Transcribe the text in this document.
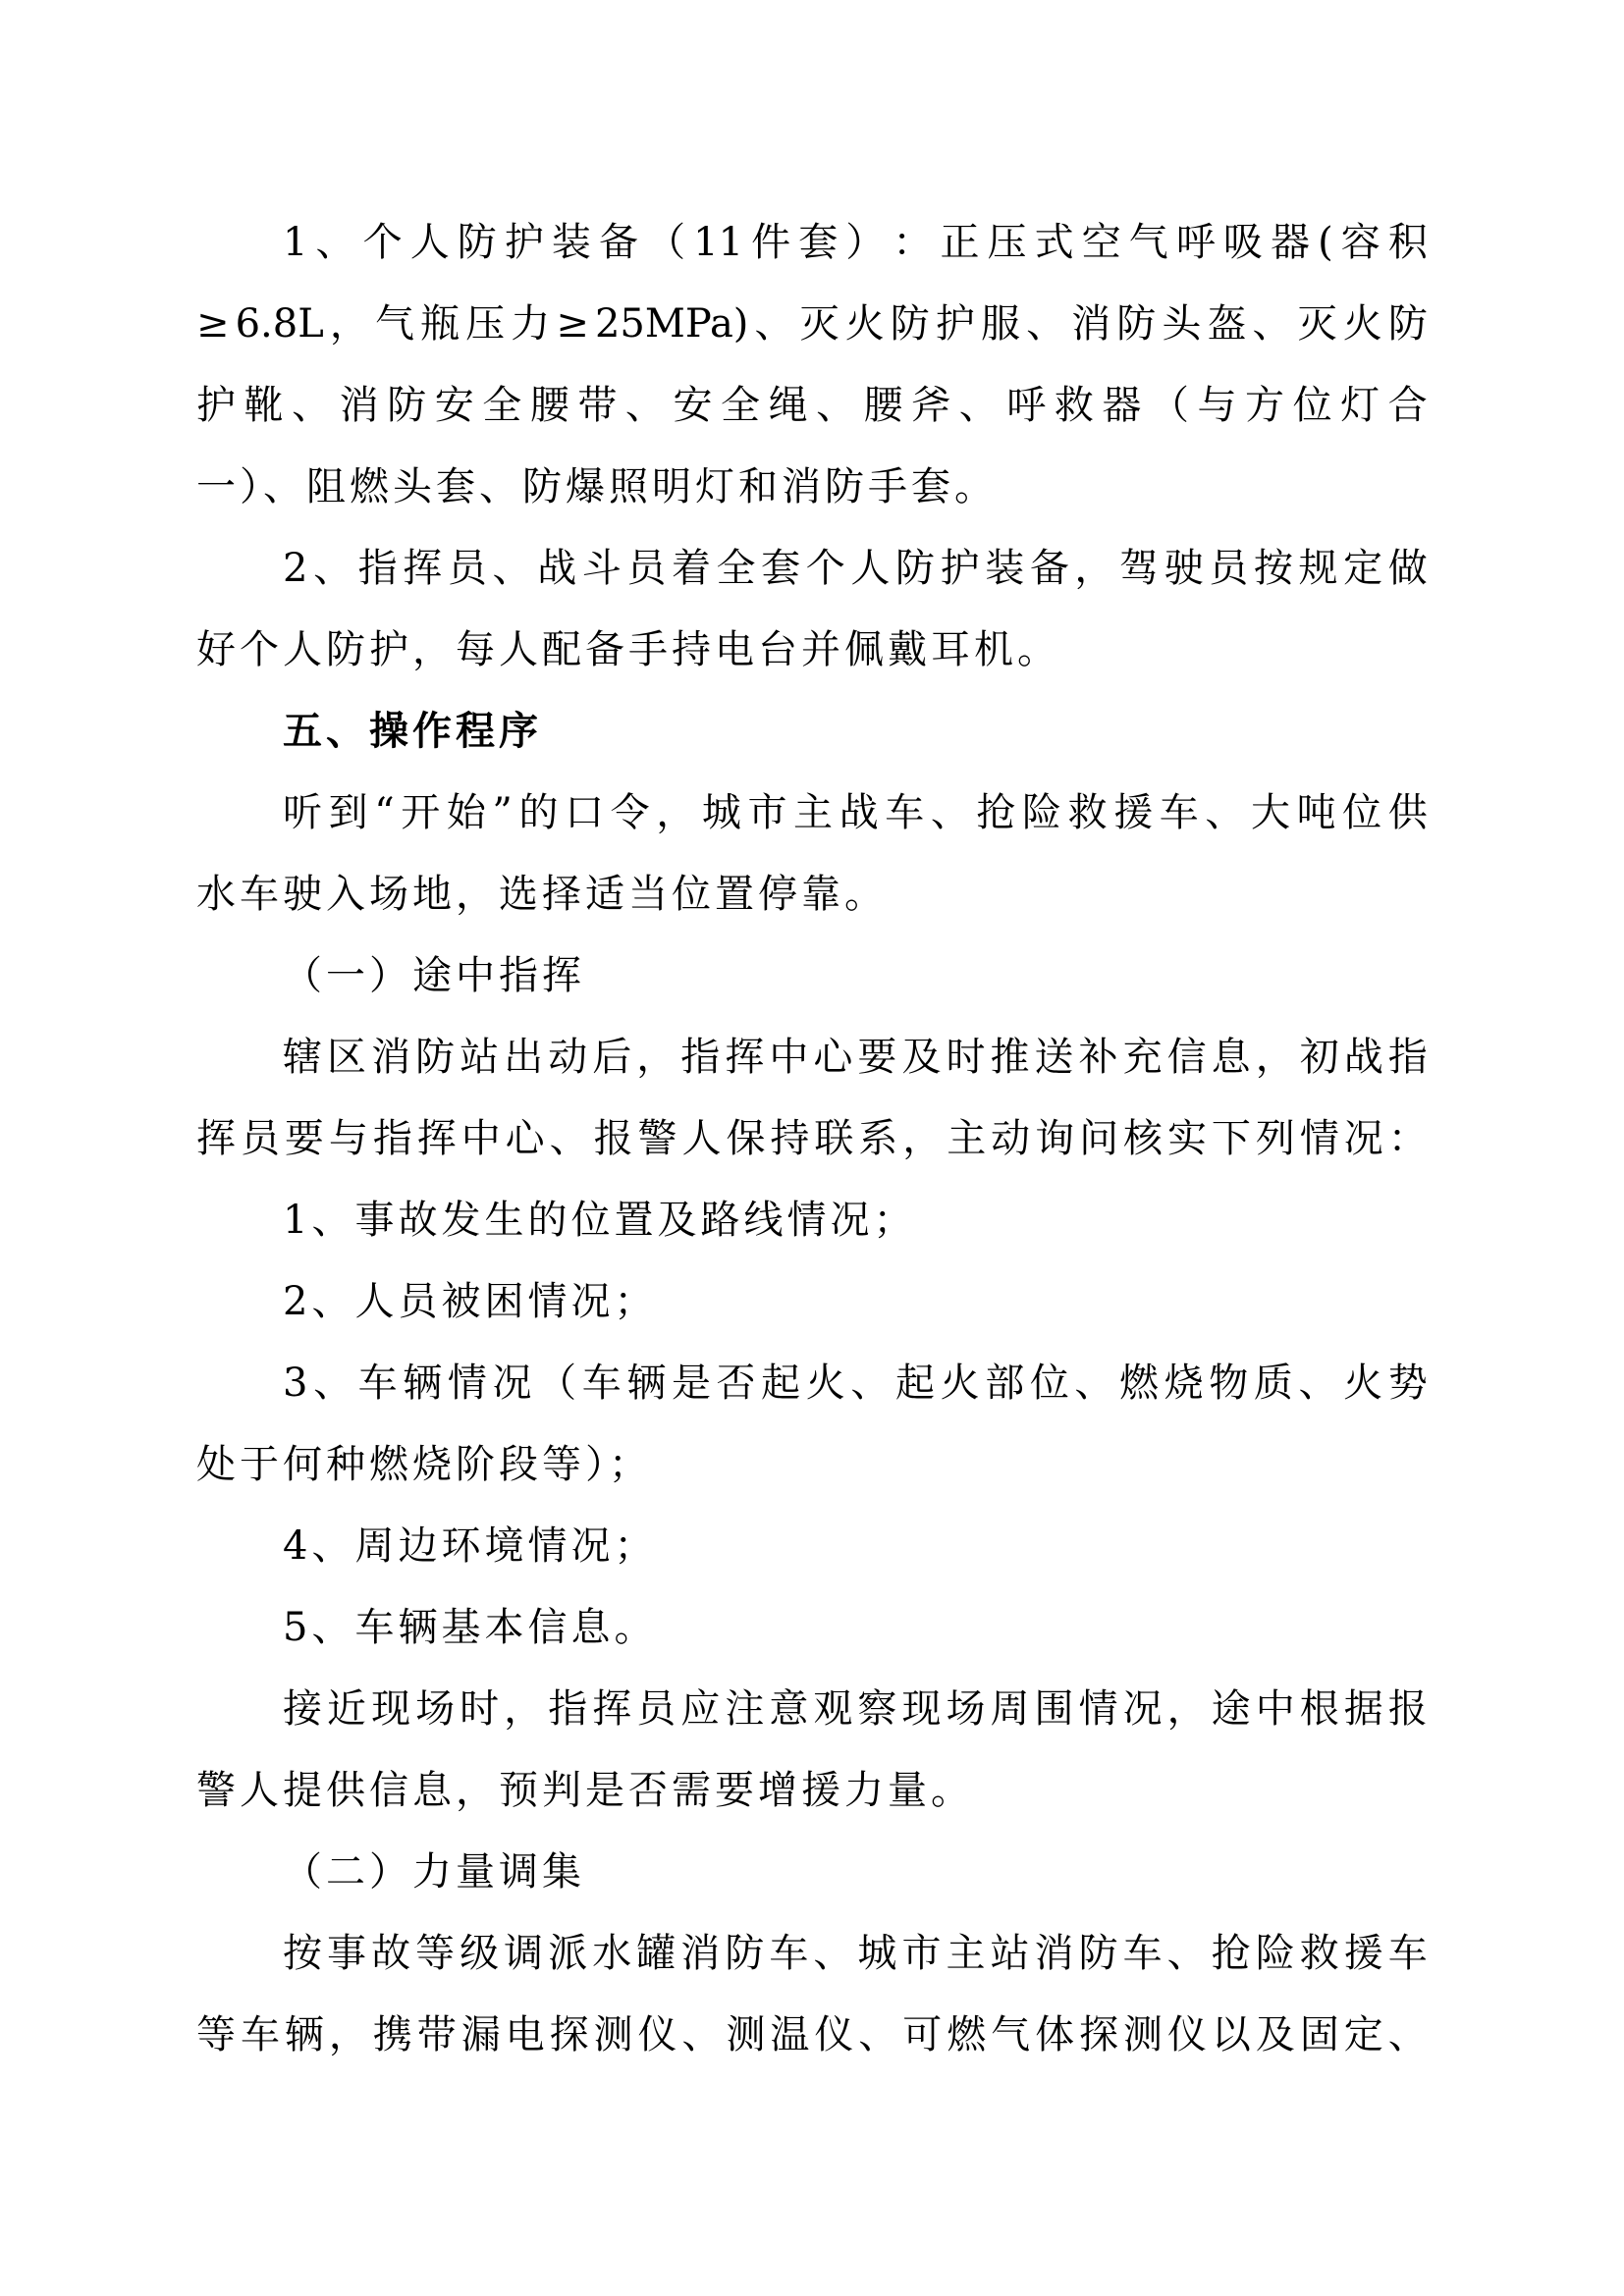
1 、 个 人 防 护 装 备 （ 11 件 套 ） ： 正 压 式 空 气 呼 吸 器 ( 容 积
≥ 6.8L ， 气 瓶 压 力 ≥ 25MPa) 、 灭 火 防 护 服 、 消 防 头 盔 、 灭 火 防
护 靴 、 消 防 安 全 腰 带 、 安 全 绳 、 腰 斧 、 呼 救 器 （ 与 方 位 灯 合
一）、阻燃头套、防爆照明灯和消防手套。
2 、 指 挥 员 、 战 斗 员 着 全 套 个 人 防 护 装 备 ， 驾 驶 员 按 规 定 做
好个人防护，每人配备手持电台并佩戴耳机。
五、操作程序
听 到 “ 开 始 ” 的 口 令 ， 城 市 主 战 车 、 抢 险 救 援 车 、 大 吨 位 供
水车驶入场地，选择适当位置停靠。
（一）途中指挥
辖 区 消 防 站 出 动 后 ， 指 挥 中 心 要 及 时 推 送 补 充 信 息 ， 初 战 指
挥 员 要 与 指 挥 中 心 、 报 警 人 保 持 联 系 ， 主 动 询 问 核 实 下 列 情 况 ：
1、事故发生的位置及路线情况；
2、人员被困情况；
3 、 车 辆 情 况 （ 车 辆 是 否 起 火 、 起 火 部 位 、 燃 烧 物 质 、 火 势
处于何种燃烧阶段等）；
4、周边环境情况；
5、车辆基本信息。
接 近 现 场 时 ， 指 挥 员 应 注 意 观 察 现 场 周 围 情 况 ， 途 中 根 据 报
警人提供信息，预判是否需要增援力量。
（二）力量调集
按 事 故 等 级 调 派 水 罐 消 防 车 、 城 市 主 站 消 防 车 、 抢 险 救 援 车
等 车 辆 ， 携 带 漏 电 探 测 仪 、 测 温 仪 、 可 燃 气 体 探 测 仪 以 及 固 定 、
